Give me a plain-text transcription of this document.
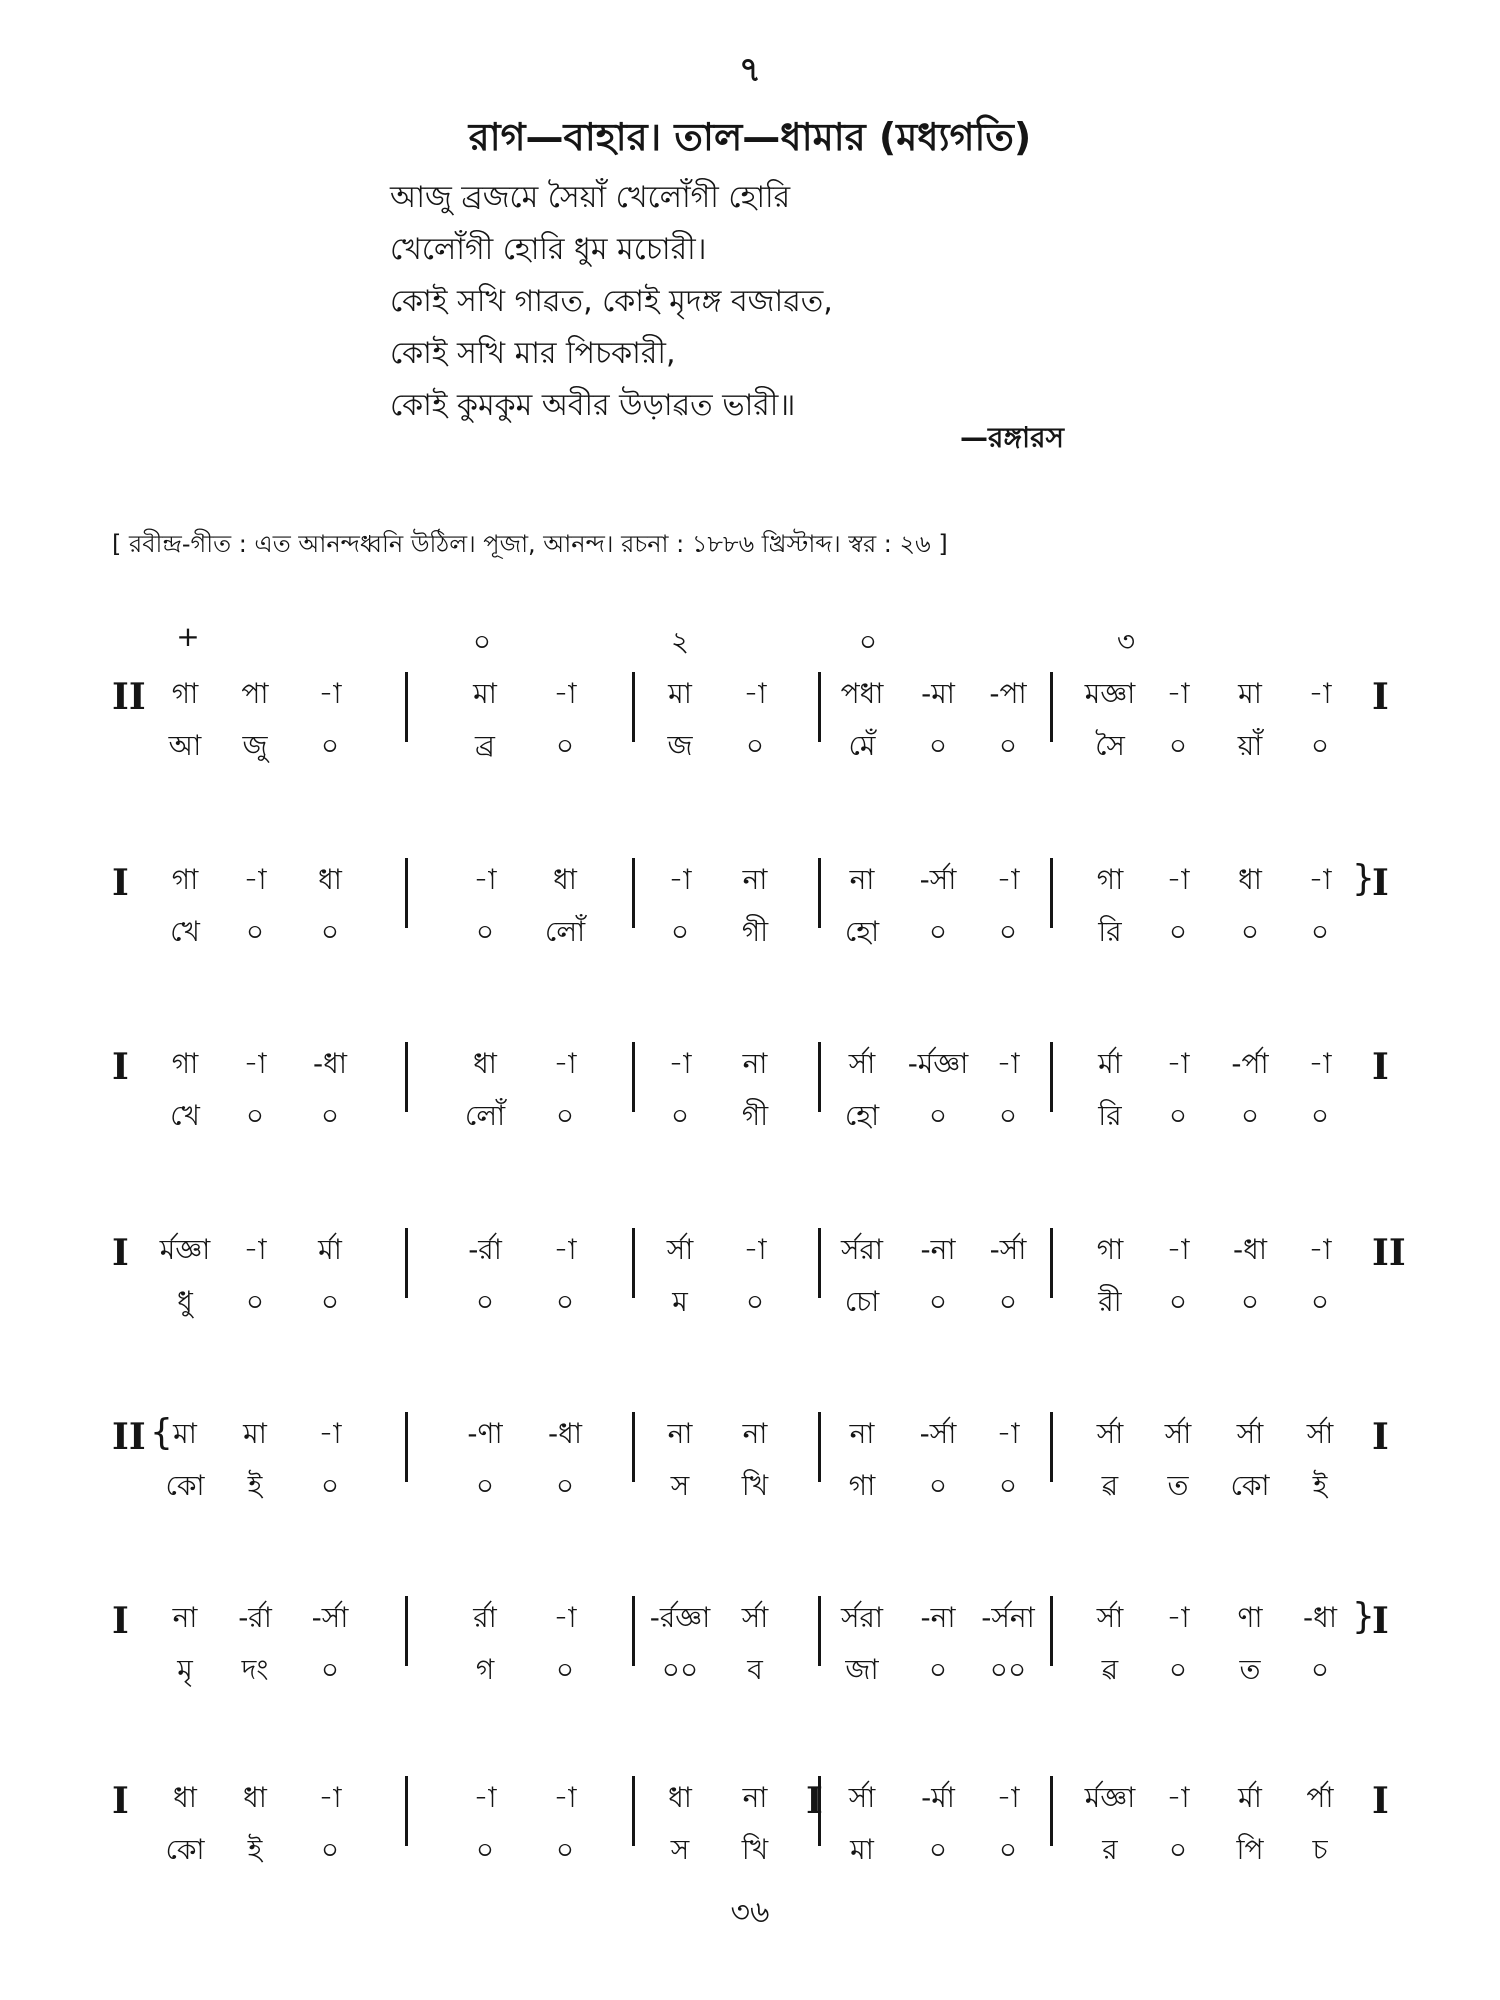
৭
রাগ—বাহার। তাল—ধামার (মধ্যগতি)
আজু ব্রজমে সৈয়াঁ খেলোঁগী হোরি
খেলোঁগী হোরি ধুম মচোরী।
কোই সখি গাৱত, কোই মৃদঙ্গ বজাৱত,
কোই সখি মার পিচকারী,
কোই কুমকুম অবীর উড়াৱত ভারী॥
—রঙ্গারস
[ রবীন্দ্র-গীত : এত আনন্দধ্বনি উঠিল। পূজা, আনন্দ। রচনা : ১৮৮৬ খ্রিস্টাব্দ। স্বর : ২৬ ]
+	০	২	০	৩
II গা	পা	-া	মা	-া	মা	-া	পধা	-মা	-পা	মজ্ঞা	-া	মা	-া
আ	জু	০	ব্র	০	জ	০	মেঁ	০	০	সৈ	০	য়াঁ	০
I
I	গা	-া	ধা	-া	ধা	-া	না	না	-র্সা	-া	গা	-া	ধা	-া
খে	০	০	০	লোঁ	০	গী	হো	০	০	রি	০	০	০
}
I
I	গা	-া	-ধা	ধা	-া	-া	না	র্সা	-র্মজ্ঞা	-া	র্মা	-া	-র্পা	-া
খে	০	০	লোঁ	০	০	গী	হো	০	০	রি	০	০	০
I
I	র্মজ্ঞা	-া	র্মা	-র্রা	-া	র্সা	-া	র্সরা	-না	-র্সা	গা	-া	-ধা	-া
ধু	০	০	০	০	ম	০	চো	০	০	রী	০	০	০
II
II { মা	মা	-া	-ণা	-ধা	না	না	না	-র্সা	-া	র্সা	র্সা	র্সা	র্সা
কো	ই	০	০	০	স	খি	গা	০	০	ৱ	ত	কো	ই
I
I	না	-র্রা	-র্সা	র্রা	-া	-র্রজ্ঞা	র্সা	র্সরা	-না -র্সনা	র্সা	-া	ণা	-ধা
মৃ	দং	০	গ	০	০০	ব	জা	০	০০	ৱ	০	ত	০
}
I
I	ধা	ধা	-া	-া	-া	ধা	না	র্সা	-র্মা	-া	র্মজ্ঞা	-া	র্মা	র্পা
কো	ই	০	০	০	স	খি	মা	০	০	র	০	পি	চ
I	I
৩৬
